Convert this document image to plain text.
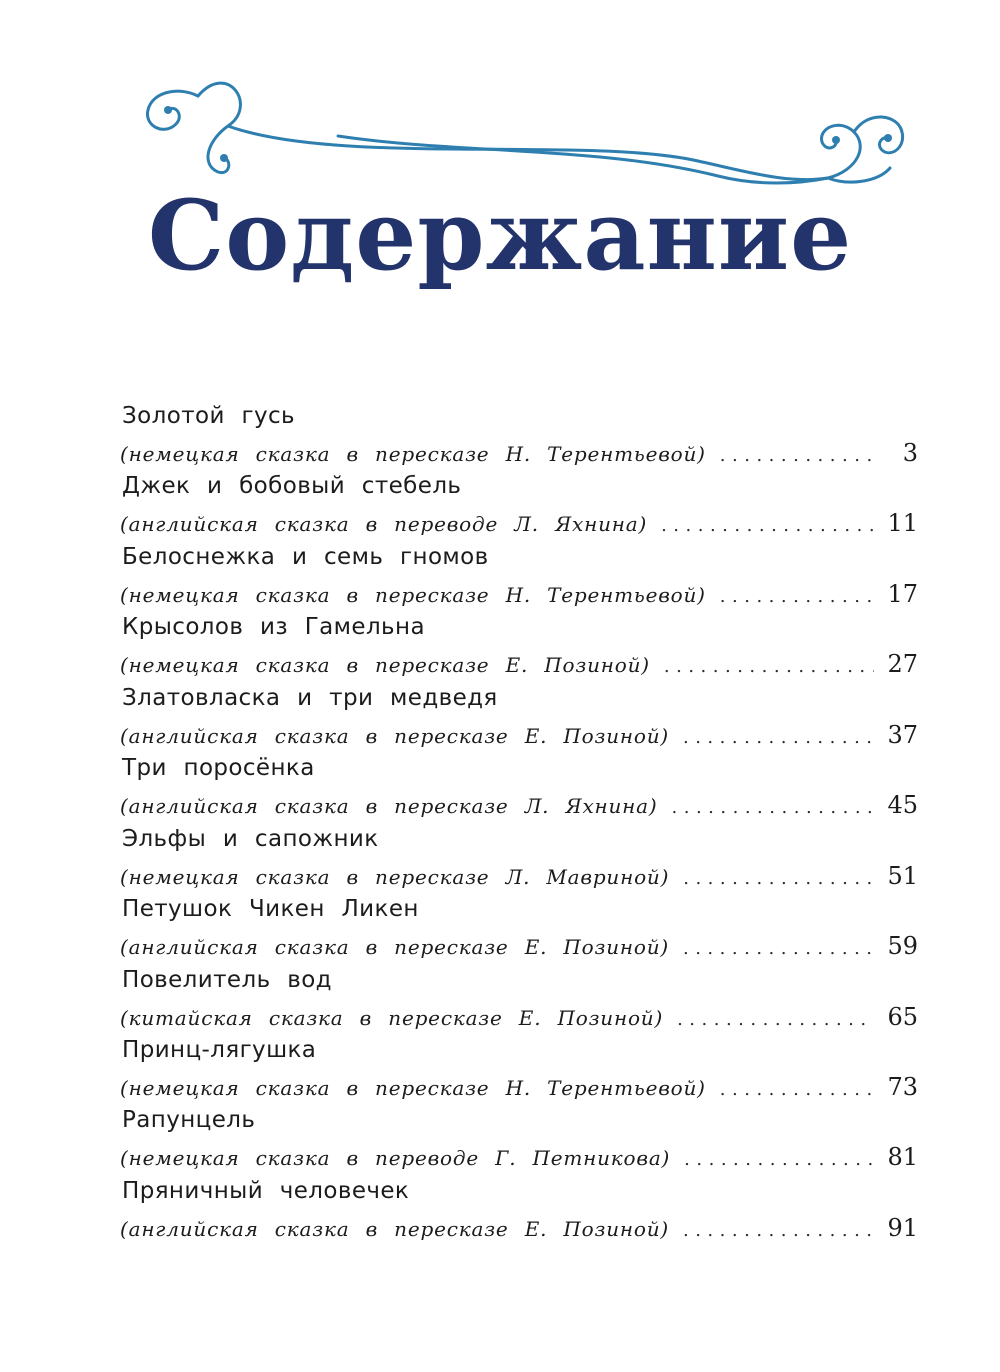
Содержание
Золотой гусь
(немецкая сказка в пересказе Н. Терентьевой) .....	3
Джек и бобовый стебель
(английская сказка в переводе Л. Яхнина) .....	11
Белоснежка и семь гномов
(немецкая сказка в пересказе Н. Терентьевой) .....	17
Крысолов из Гамельна
(немецкая сказка в пересказе Е. Позиной) .....	27
Златовласка и три медведя
(английская сказка в пересказе Е. Позиной) .....	37
Три поросёнка
(английская сказка в пересказе Л. Яхнина) .....	45
Эльфы и сапожник
(немецкая сказка в пересказе Л. Мавриной) .....	51
Петушок Чикен Ликен
(английская сказка в пересказе Е. Позиной) .....	59
Повелитель вод
(китайская сказка в пересказе Е. Позиной) .....	65
Принц-лягушка
(немецкая сказка в пересказе Н. Терентьевой) .....	73
Рапунцель
(немецкая сказка в переводе Г. Петникова) .....	81
Пряничный человечек
(английская сказка в пересказе Е. Позиной) .....	91
